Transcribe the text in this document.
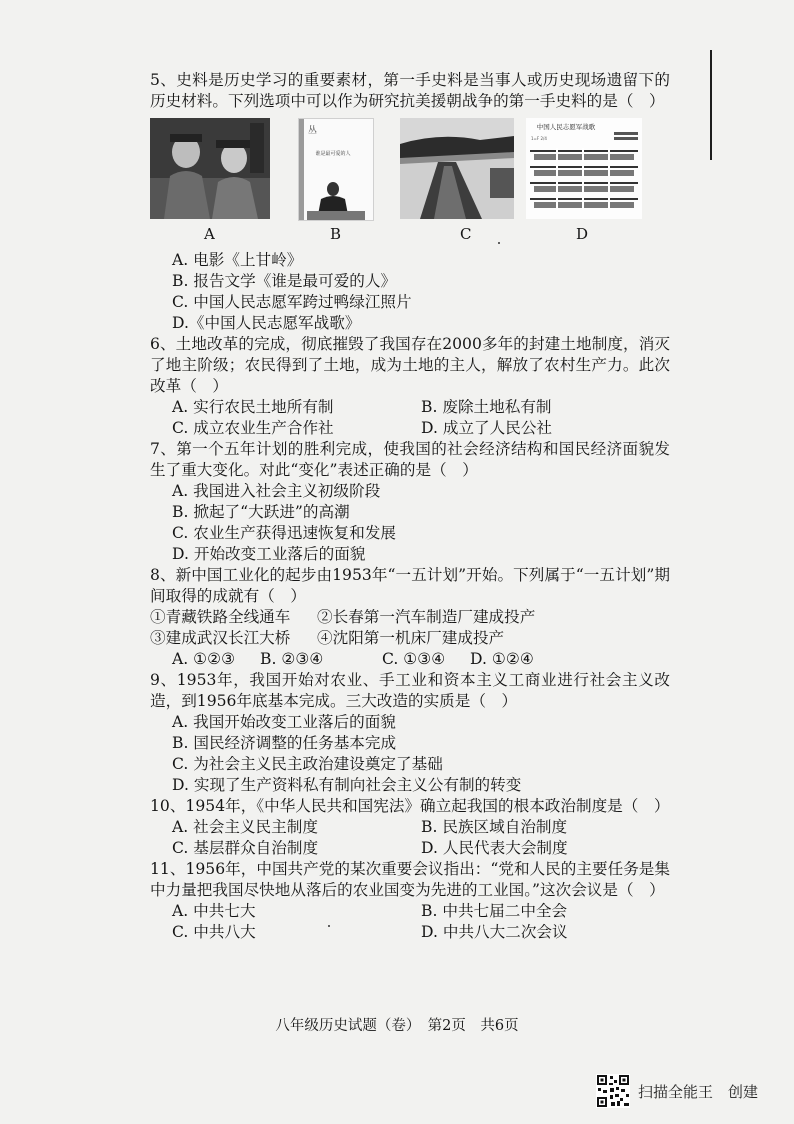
5、史料是历史学习的重要素材，第一手史料是当事人或历史现场遗留下的历史材料。下列选项中可以作为研究抗美援朝战争的第一手史料的是（　）

丛
谁是最可爱的人
中国人民志愿军战歌
1=F 2/4
A	B	C	D

A. 电影《上甘岭》

B. 报告文学《谁是最可爱的人》

C. 中国人民志愿军跨过鸭绿江照片

D.《中国人民志愿军战歌》

6、土地改革的完成，彻底摧毁了我国存在2000多年的封建土地制度，消灭了地主阶级；农民得到了土地，成为土地的主人，解放了农村生产力。此次改革（　）

A. 实行农民土地所有制	B. 废除土地私有制
C. 成立农业生产合作社	D. 成立了人民公社

7、第一个五年计划的胜利完成，使我国的社会经济结构和国民经济面貌发生了重大变化。对此“变化”表述正确的是（　）

A. 我国进入社会主义初级阶段

B. 掀起了“大跃进”的高潮

C. 农业生产获得迅速恢复和发展

D. 开始改变工业落后的面貌

8、新中国工业化的起步由1953年“一五计划”开始。下列属于“一五计划”期间取得的成就有（　）

①青藏铁路全线通车 ②长春第一汽车制造厂建成投产

③建成武汉长江大桥 ④沈阳第一机床厂建成投产

A. ①②③	B. ②③④	C. ①③④	D. ①②④

9、1953年，我国开始对农业、手工业和资本主义工商业进行社会主义改造，到1956年底基本完成。三大改造的实质是（　）

A. 我国开始改变工业落后的面貌

B. 国民经济调整的任务基本完成

C. 为社会主义民主政治建设奠定了基础

D. 实现了生产资料私有制向社会主义公有制的转变

10、1954年，《中华人民共和国宪法》确立起我国的根本政治制度是（　）

A. 社会主义民主制度	B. 民族区域自治制度
C. 基层群众自治制度	D. 人民代表大会制度

11、1956年，中国共产党的某次重要会议指出：“党和人民的主要任务是集中力量把我国尽快地从落后的农业国变为先进的工业国。”这次会议是（　）

A. 中共七大	B. 中共七届二中全会
C. 中共八大	D. 中共八大二次会议
八年级历史试题（卷）　第2页　共6页
扫描全能王　创建
